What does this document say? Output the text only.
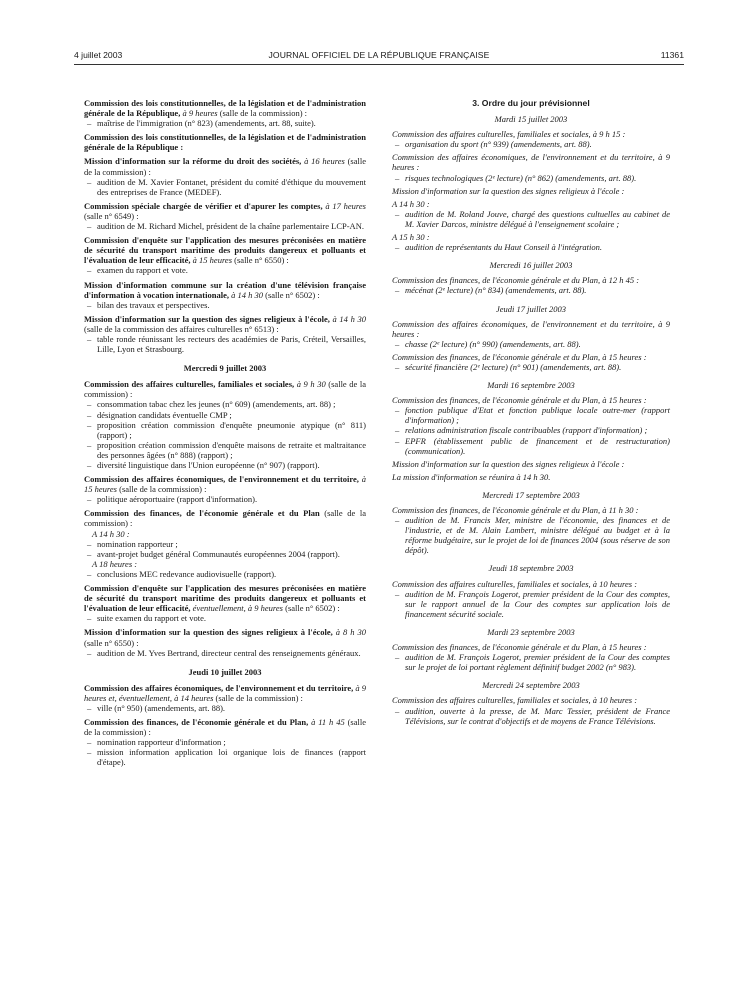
4 juillet 2003	JOURNAL OFFICIEL DE LA RÉPUBLIQUE FRANÇAISE	11361
Commission des lois constitutionnelles, de la législation et de l'administration générale de la République, à 9 heures (salle de la commission) :
– maîtrise de l'immigration (n° 823) (amendements, art. 88, suite).
Commission des lois constitutionnelles, de la législation et de l'administration générale de la République :
Mission d'information sur la réforme du droit des sociétés, à 16 heures (salle de la commission) :
– audition de M. Xavier Fontanet, président du comité d'éthique du mouvement des entreprises de France (MEDEF).
Commission spéciale chargée de vérifier et d'apurer les comptes, à 17 heures (salle n° 6549) :
– audition de M. Richard Michel, président de la chaîne parlementaire LCP-AN.
Commission d'enquête sur l'application des mesures préconisées en matière de sécurité du transport maritime des produits dangereux et polluants et l'évaluation de leur efficacité, à 15 heures (salle n° 6550) :
– examen du rapport et vote.
Mission d'information commune sur la création d'une télévision française d'information à vocation internationale, à 14 h 30 (salle n° 6502) :
– bilan des travaux et perspectives.
Mission d'information sur la question des signes religieux à l'école, à 14 h 30 (salle de la commission des affaires culturelles n° 6513) :
– table ronde réunissant les recteurs des académies de Paris, Créteil, Versailles, Lille, Lyon et Strasbourg.
Mercredi 9 juillet 2003
Commission des affaires culturelles, familiales et sociales, à 9 h 30 (salle de la commission) :
– consommation tabac chez les jeunes (n° 609) (amendements, art. 88) ;
– désignation candidats éventuelle CMP ;
– proposition création commission d'enquête pneumonie atypique (n° 811) (rapport) ;
– proposition création commission d'enquête maisons de retraite et maltraitance des personnes âgées (n° 888) (rapport) ;
– diversité linguistique dans l'Union européenne (n° 907) (rapport).
Commission des affaires économiques, de l'environnement et du territoire, à 15 heures (salle de la commission) :
– politique aéroportuaire (rapport d'information).
Commission des finances, de l'économie générale et du Plan (salle de la commission) :
A 14 h 30 :
– nomination rapporteur ;
– avant-projet budget général Communautés européennes 2004 (rapport).
A 18 heures :
– conclusions MEC redevance audiovisuelle (rapport).
Commission d'enquête sur l'application des mesures préconisées en matière de sécurité du transport maritime des produits dangereux et polluants et l'évaluation de leur efficacité, éventuellement, à 9 heures (salle n° 6502) :
– suite examen du rapport et vote.
Mission d'information sur la question des signes religieux à l'école, à 8 h 30 (salle n° 6550) :
– audition de M. Yves Bertrand, directeur central des renseignements généraux.
Jeudi 10 juillet 2003
Commission des affaires économiques, de l'environnement et du territoire, à 9 heures et, éventuellement, à 14 heures (salle de la commission) :
– ville (n° 950) (amendements, art. 88).
Commission des finances, de l'économie générale et du Plan, à 11 h 45 (salle de la commission) :
– nomination rapporteur d'information ;
– mission information application loi organique lois de finances (rapport d'étape).
3. Ordre du jour prévisionnel
Mardi 15 juillet 2003
Commission des affaires culturelles, familiales et sociales, à 9 h 15 :
– organisation du sport (n° 939) (amendements, art. 88).
Commission des affaires économiques, de l'environnement et du territoire, à 9 heures :
– risques technologiques (2ᵉ lecture) (n° 862) (amendements, art. 88).
Mission d'information sur la question des signes religieux à l'école :
A 14 h 30 :
– audition de M. Roland Jouve, chargé des questions cultuelles au cabinet de M. Xavier Darcos, ministre délégué à l'enseignement scolaire ;
A 15 h 30 :
– audition de représentants du Haut Conseil à l'intégration.
Mercredi 16 juillet 2003
Commission des finances, de l'économie générale et du Plan, à 12 h 45 :
– mécénat (2ᵉ lecture) (n° 834) (amendements, art. 88).
Jeudi 17 juillet 2003
Commission des affaires économiques, de l'environnement et du territoire, à 9 heures :
– chasse (2ᵉ lecture) (n° 990) (amendements, art. 88).
Commission des finances, de l'économie générale et du Plan, à 15 heures :
– sécurité financière (2ᵉ lecture) (n° 901) (amendements, art. 88).
Mardi 16 septembre 2003
Commission des finances, de l'économie générale et du Plan, à 15 heures :
– fonction publique d'Etat et fonction publique locale outre-mer (rapport d'information) ;
– relations administration fiscale contribuables (rapport d'information) ;
– EPFR (établissement public de financement et de restructuration) (communication).
Mission d'information sur la question des signes religieux à l'école :
La mission d'information se réunira à 14 h 30.
Mercredi 17 septembre 2003
Commission des finances, de l'économie générale et du Plan, à 11 h 30 :
– audition de M. Francis Mer, ministre de l'économie, des finances et de l'industrie, et de M. Alain Lambert, ministre délégué au budget et à la réforme budgétaire, sur le projet de loi de finances 2004 (sous réserve de son dépôt).
Jeudi 18 septembre 2003
Commission des affaires culturelles, familiales et sociales, à 10 heures :
– audition de M. François Logerot, premier président de la Cour des comptes, sur le rapport annuel de la Cour des comptes sur application lois de financement sécurité sociale.
Mardi 23 septembre 2003
Commission des finances, de l'économie générale et du Plan, à 15 heures :
– audition de M. François Logerot, premier président de la Cour des comptes sur le projet de loi portant règlement définitif budget 2002 (n° 983).
Mercredi 24 septembre 2003
Commission des affaires culturelles, familiales et sociales, à 10 heures :
– audition, ouverte à la presse, de M. Marc Tessier, président de France Télévisions, sur le contrat d'objectifs et de moyens de France Télévisions.
